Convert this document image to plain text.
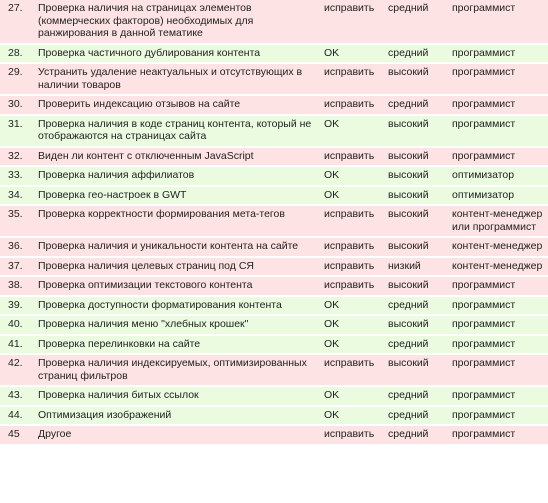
27.	Проверка наличия на страницах элементов (коммерческих факторов) необходимых для ранжирования в данной тематике	исправить	средний	программист
28.	Проверка частичного дублирования контента	OK	средний	программист
29.	Устранить удаление неактуальных и отсутствующих в наличии товаров	исправить	высокий	программист
30.	Проверить индексацию отзывов на сайте	исправить	средний	программист
31.	Проверка наличия в коде страниц контента, который не отображаются на страницах сайта	OK	высокий	программист
32.	Виден ли контент с отключенным JavaScript	исправить	высокий	программист
33.	Проверка наличия аффилиатов	OK	высокий	оптимизатор
34.	Проверка гео-настроек в GWT	OK	высокий	оптимизатор
35.	Проверка корректности формирования мета-тегов	исправить	высокий	контент-менеджер или программист
36.	Проверка наличия и уникальности контента на сайте	исправить	высокий	контент-менеджер
37.	Проверка наличия целевых страниц под СЯ	исправить	низкий	контент-менеджер
38.	Проверка оптимизации текстового контента	исправить	высокий	программист
39.	Проверка доступности форматирования контента	OK	средний	программист
40.	Проверка наличия меню "хлебных крошек"	OK	высокий	программист
41.	Проверка перелинковки на сайте	OK	средний	программист
42.	Проверка наличия индексируемых, оптимизированных страниц фильтров	исправить	высокий	программист
43.	Проверка наличия битых ссылок	OK	средний	программист
44.	Оптимизация изображений	OK	средний	программист
45	Другое	исправить	средний	программист
